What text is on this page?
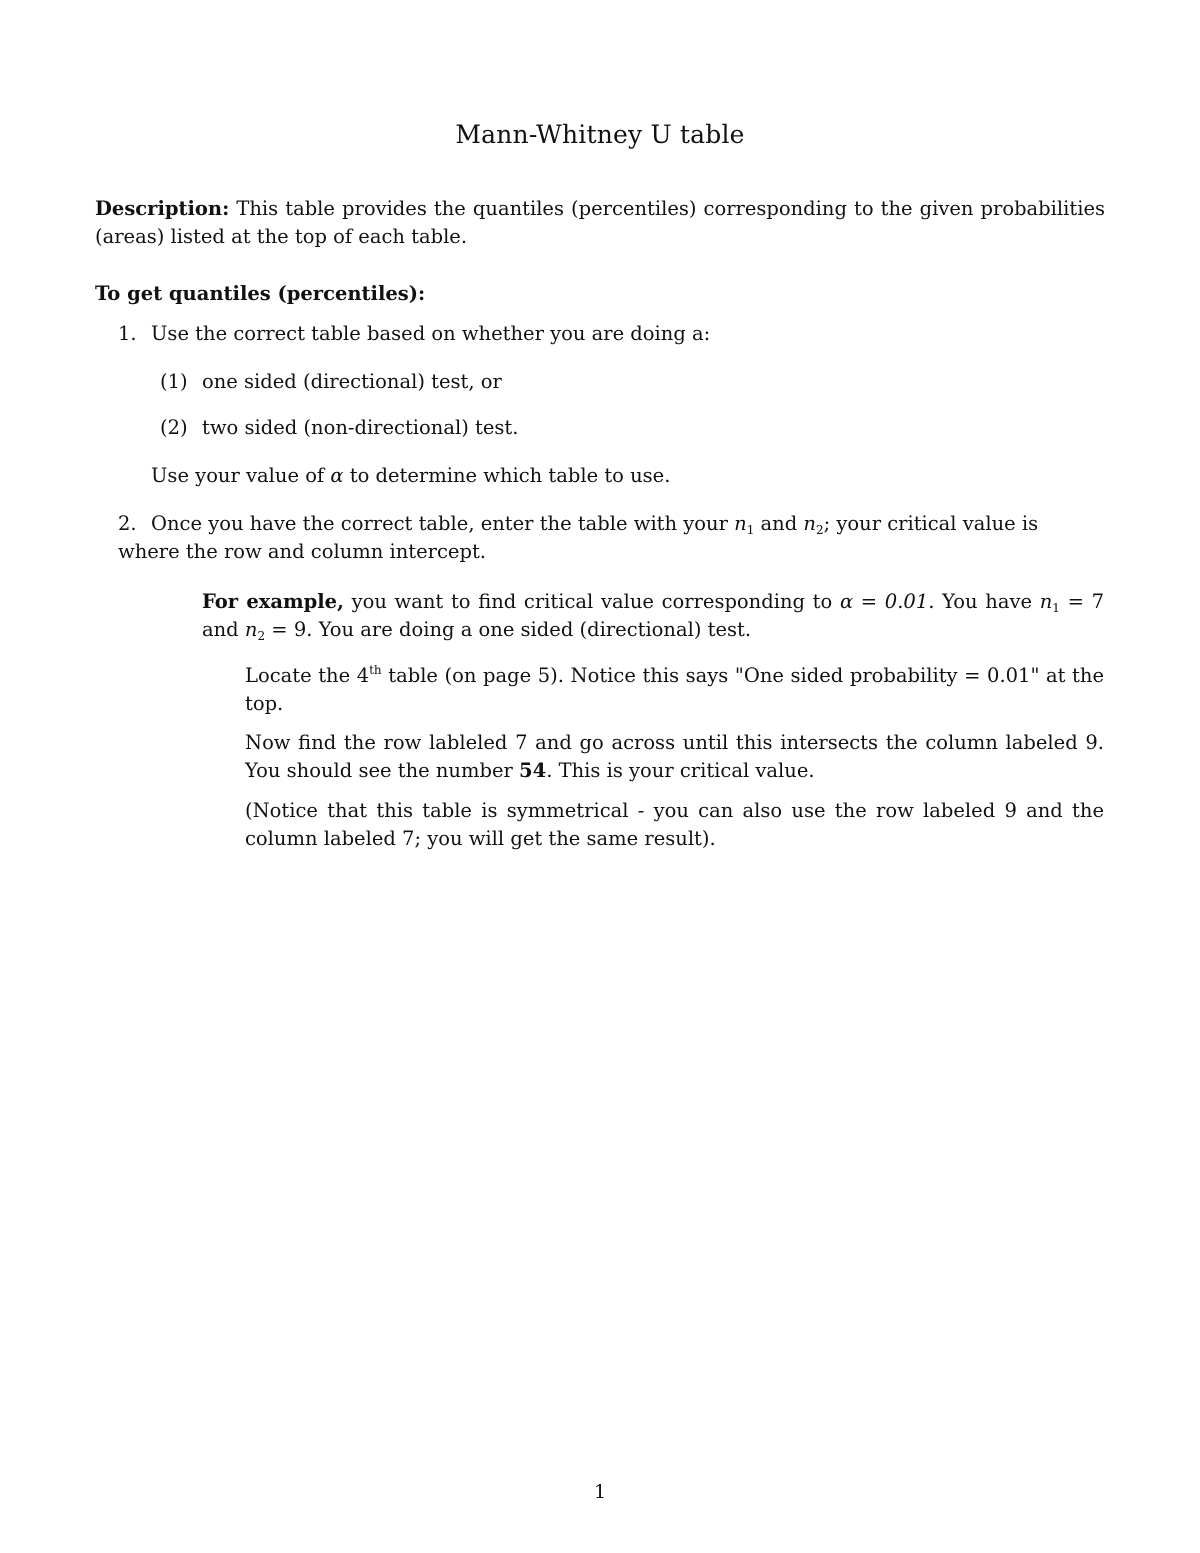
Mann-Whitney U table
Description: This table provides the quantiles (percentiles) corresponding to the given probabilities (areas) listed at the top of each table.
To get quantiles (percentiles):
1. Use the correct table based on whether you are doing a:
(1) one sided (directional) test, or
(2) two sided (non-directional) test.
Use your value of α to determine which table to use.
2. Once you have the correct table, enter the table with your $n_1$ and $n_2$; your critical value is where the row and column intercept.
For example, you want to find critical value corresponding to α = 0.01. You have $n_1 = 7$ and $n_2 = 9$. You are doing a one sided (directional) test.
Locate the 4th table (on page 5). Notice this says "One sided probability = 0.01" at the top.
Now find the row lableled 7 and go across until this intersects the column labeled 9. You should see the number 54. This is your critical value.
(Notice that this table is symmetrical - you can also use the row labeled 9 and the column labeled 7; you will get the same result).
1
